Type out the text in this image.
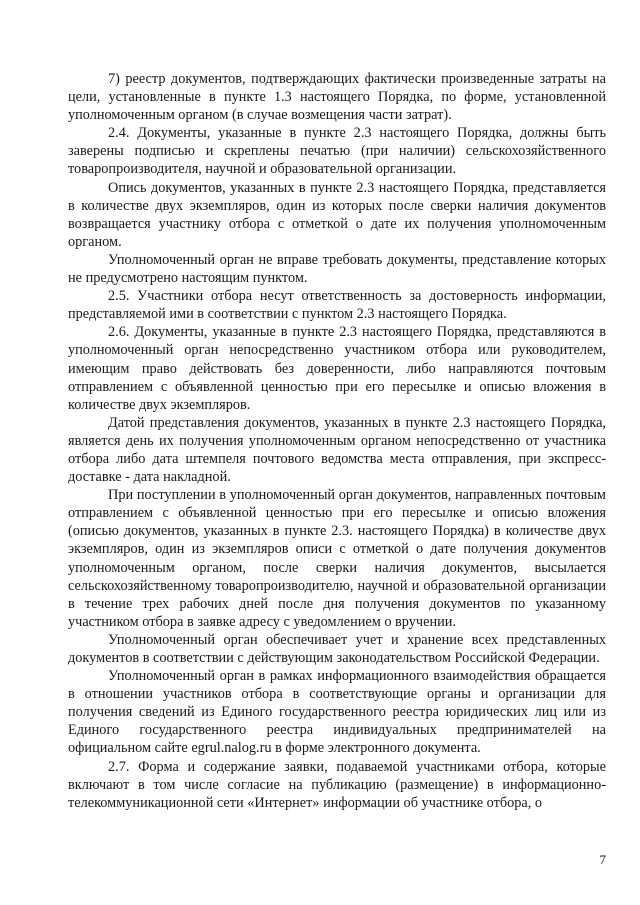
7) реестр документов, подтверждающих фактически произведенные затраты на цели, установленные в пункте 1.3 настоящего Порядка, по форме, установленной уполномоченным органом (в случае возмещения части затрат).

2.4. Документы, указанные в пункте 2.3 настоящего Порядка, должны быть заверены подписью и скреплены печатью (при наличии) сельскохозяйственного товаропроизводителя, научной и образовательной организации.

Опись документов, указанных в пункте 2.3 настоящего Порядка, представляется в количестве двух экземпляров, один из которых после сверки наличия документов возвращается участнику отбора с отметкой о дате их получения уполномоченным органом.

Уполномоченный орган не вправе требовать документы, представление которых не предусмотрено настоящим пунктом.

2.5. Участники отбора несут ответственность за достоверность информации, представляемой ими в соответствии с пунктом 2.3 настоящего Порядка.

2.6. Документы, указанные в пункте 2.3 настоящего Порядка, представляются в уполномоченный орган непосредственно участником отбора или руководителем, имеющим право действовать без доверенности, либо направляются почтовым отправлением с объявленной ценностью при его пересылке и описью вложения в количестве двух экземпляров.

Датой представления документов, указанных в пункте 2.3 настоящего Порядка, является день их получения уполномоченным органом непосредственно от участника отбора либо дата штемпеля почтового ведомства места отправления, при экспресс-доставке - дата накладной.

При поступлении в уполномоченный орган документов, направленных почтовым отправлением с объявленной ценностью при его пересылке и описью вложения (описью документов, указанных в пункте 2.3. настоящего Порядка) в количестве двух экземпляров, один из экземпляров описи с отметкой о дате получения документов уполномоченным органом, после сверки наличия документов, высылается сельскохозяйственному товаропроизводителю, научной и образовательной организации в течение трех рабочих дней после дня получения документов по указанному участником отбора в заявке адресу с уведомлением о вручении.

Уполномоченный орган обеспечивает учет и хранение всех представленных документов в соответствии с действующим законодательством Российской Федерации.

Уполномоченный орган в рамках информационного взаимодействия обращается в отношении участников отбора в соответствующие органы и организации для получения сведений из Единого государственного реестра юридических лиц или из Единого государственного реестра индивидуальных предпринимателей на официальном сайте egrul.nalog.ru в форме электронного документа.

2.7. Форма и содержание заявки, подаваемой участниками отбора, которые включают в том числе согласие на публикацию (размещение) в информационно-телекоммуникационной сети «Интернет» информации об участнике отбора, о

7
